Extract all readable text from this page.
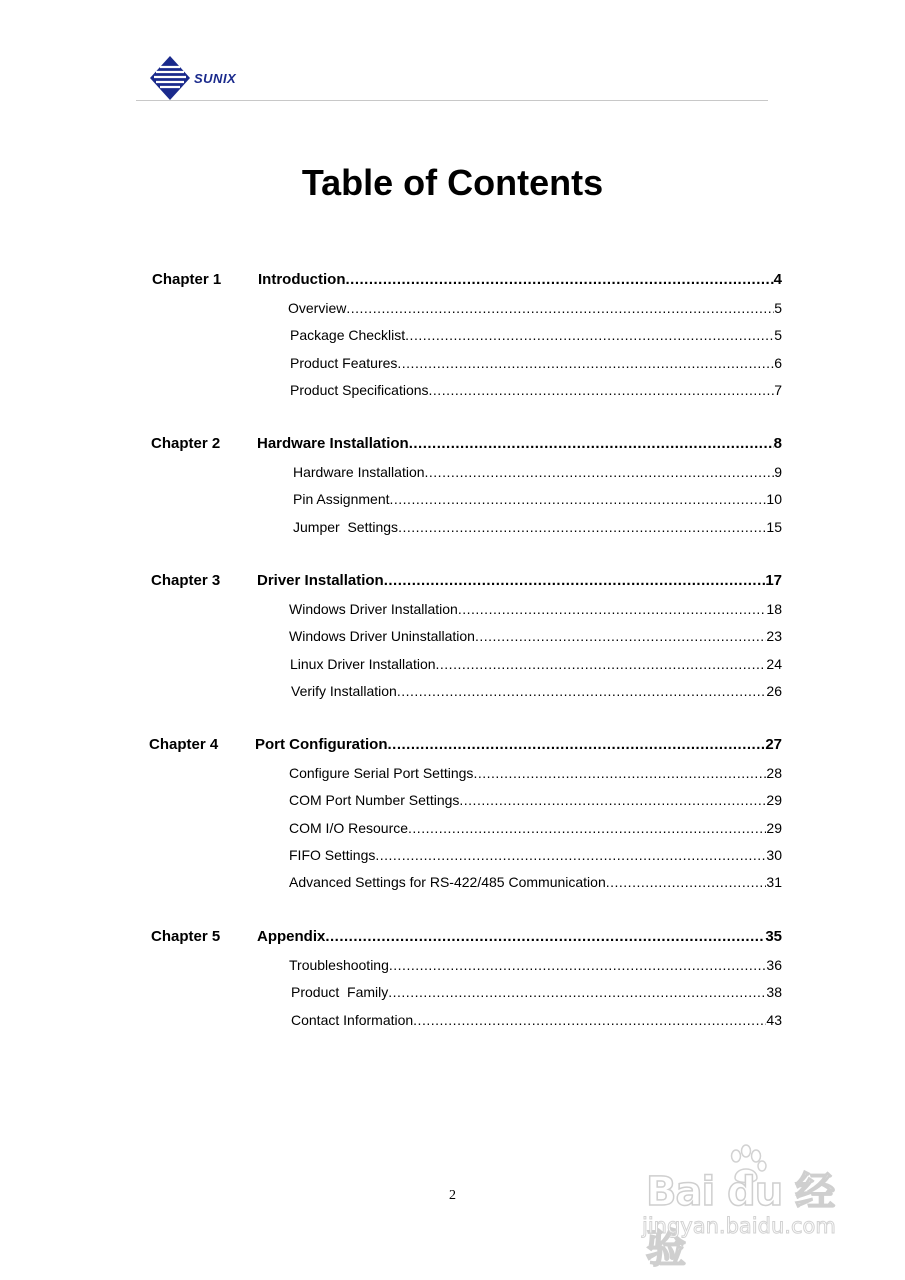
SUNIX
Table of Contents
Chapter 1 Introduction .....	4
Overview .....	5
Package Checklist .....	5
Product Features .....	6
Product Specifications .....	7
Chapter 2 Hardware Installation .....	8
Hardware Installation .....	9
Pin Assignment .....	10
Jumper  Settings .....	15
Chapter 3 Driver Installation .....	17
Windows Driver Installation .....	18
Windows Driver Uninstallation .....	23
Linux Driver Installation .....	24
Verify Installation .....	26
Chapter 4 Port Configuration .....	27
Configure Serial Port Settings .....	28
COM Port Number Settings .....	29
COM I/O Resource .....	29
FIFO Settings .....	30
Advanced Settings for RS-422/485 Communication .....	31
Chapter 5 Appendix .....	35
Troubleshooting .....	36
Product  Family .....	38
Contact Information .....	43
2	Bai du 经验
jingyan.baidu.com
